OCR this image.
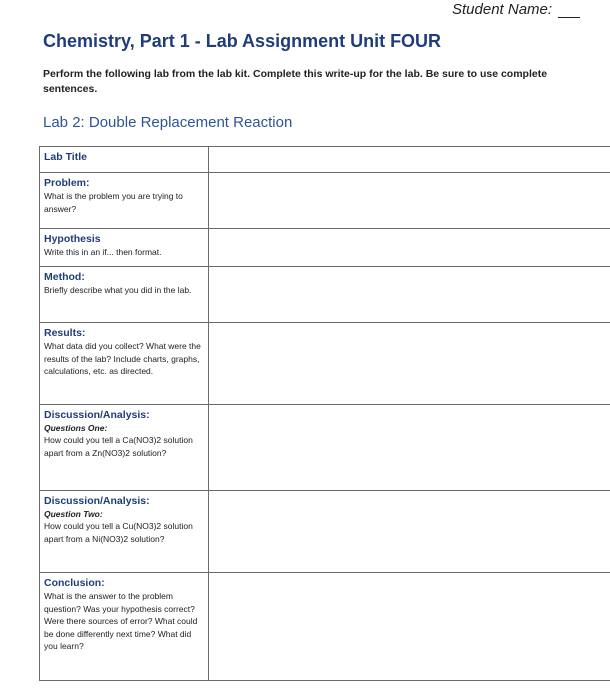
Student Name:
Chemistry, Part 1 - Lab Assignment Unit FOUR
Perform the following lab from the lab kit. Complete this write-up for the lab. Be sure to use complete sentences.
Lab 2: Double Replacement Reaction
Lab Title	

Problem:
What is the problem you are trying to answer?	

Hypothesis
Write this in an if... then format.	

Method:
Briefly describe what you did in the lab.	

Results:
What data did you collect? What were the results of the lab? Include charts, graphs, calculations, etc. as directed.	

Discussion/Analysis:
Questions One:
How could you tell a Ca(NO3)2 solution apart from a Zn(NO3)2 solution?	

Discussion/Analysis:
Question Two:
How could you tell a Cu(NO3)2 solution apart from a Ni(NO3)2 solution?	

Conclusion:
What is the answer to the problem question? Was your hypothesis correct? Were there sources of error? What could be done differently next time? What did you learn?	
